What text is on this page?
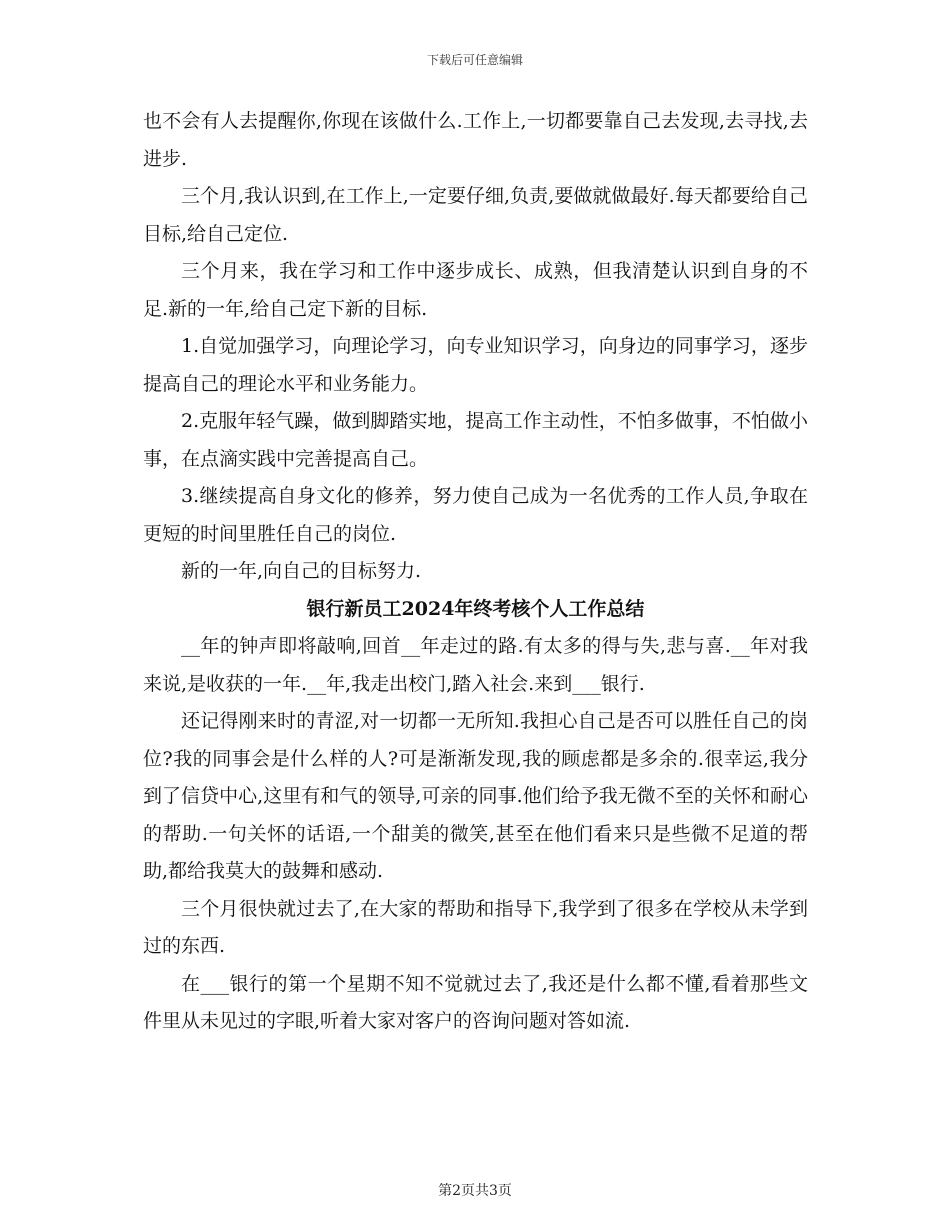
下载后可任意编辑

也不会有人去提醒你,你现在该做什么.工作上,一切都要靠自己去发现,去寻找,去进步.

三个月,我认识到,在工作上,一定要仔细,负责,要做就做最好.每天都要给自己目标,给自己定位.

三个月来，我在学习和工作中逐步成长、成熟，但我清楚认识到自身的不足.新的一年,给自己定下新的目标.

1.自觉加强学习，向理论学习，向专业知识学习，向身边的同事学习，逐步提高自己的理论水平和业务能力。

2.克服年轻气躁，做到脚踏实地，提高工作主动性，不怕多做事，不怕做小事，在点滴实践中完善提高自己。

3.继续提高自身文化的修养，努力使自己成为一名优秀的工作人员,争取在更短的时间里胜任自己的岗位.

新的一年,向自己的目标努力.

银行新员工2024年终考核个人工作总结

__年的钟声即将敲响,回首__年走过的路.有太多的得与失,悲与喜.__年对我来说,是收获的一年.__年,我走出校门,踏入社会.来到___银行.

还记得刚来时的青涩,对一切都一无所知.我担心自己是否可以胜任自己的岗位?我的同事会是什么样的人?可是渐渐发现,我的顾虑都是多余的.很幸运,我分到了信贷中心,这里有和气的领导,可亲的同事.他们给予我无微不至的关怀和耐心的帮助.一句关怀的话语,一个甜美的微笑,甚至在他们看来只是些微不足道的帮助,都给我莫大的鼓舞和感动.

三个月很快就过去了,在大家的帮助和指导下,我学到了很多在学校从未学到过的东西.

在___银行的第一个星期不知不觉就过去了,我还是什么都不懂,看着那些文件里从未见过的字眼,听着大家对客户的咨询问题对答如流.

第2页共3页
